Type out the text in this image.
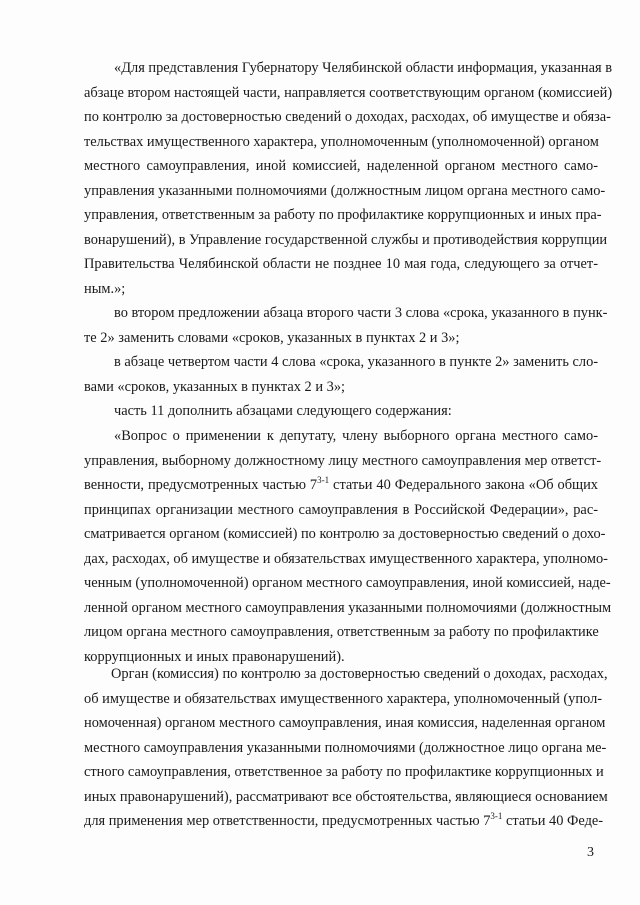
«Для представления Губернатору Челябинской области информация, указанная в
абзаце втором настоящей части, направляется соответствующим органом (комиссией)
по контролю за достоверностью сведений о доходах, расходах, об имуществе и обяза-
тельствах имущественного характера, уполномоченным (уполномоченной) органом
местного самоуправления, иной комиссией, наделенной органом местного само-
управления указанными полномочиями (должностным лицом органа местного само-
управления, ответственным за работу по профилактике коррупционных и иных пра-
вонарушений), в Управление государственной службы и противодействия коррупции
Правительства Челябинской области не позднее 10 мая года, следующего за отчет-
ным.»;
во втором предложении абзаца второго части 3 слова «срока, указанного в пунк-
те 2» заменить словами «сроков, указанных в пунктах 2 и 3»;
в абзаце четвертом части 4 слова «срока, указанного в пункте 2» заменить сло-
вами «сроков, указанных в пунктах 2 и 3»;
часть 11 дополнить абзацами следующего содержания:
«Вопрос о применении к депутату, члену выборного органа местного само-
управления, выборному должностному лицу местного самоуправления мер ответст-
венности, предусмотренных частью 7$^{3-1}$ статьи 40 Федерального закона «Об общих
принципах организации местного самоуправления в Российской Федерации», рас-
сматривается органом (комиссией) по контролю за достоверностью сведений о дохо-
дах, расходах, об имуществе и обязательствах имущественного характера, уполномо-
ченным (уполномоченной) органом местного самоуправления, иной комиссией, наде-
ленной органом местного самоуправления указанными полномочиями (должностным
лицом органа местного самоуправления, ответственным за работу по профилактике
коррупционных и иных правонарушений).
Орган (комиссия) по контролю за достоверностью сведений о доходах, расходах,
об имуществе и обязательствах имущественного характера, уполномоченный (упол-
номоченная) органом местного самоуправления, иная комиссия, наделенная органом
местного самоуправления указанными полномочиями (должностное лицо органа ме-
стного самоуправления, ответственное за работу по профилактике коррупционных и
иных правонарушений), рассматривают все обстоятельства, являющиеся основанием
для применения мер ответственности, предусмотренных частью 7$^{3-1}$ статьи 40 Феде-
3
